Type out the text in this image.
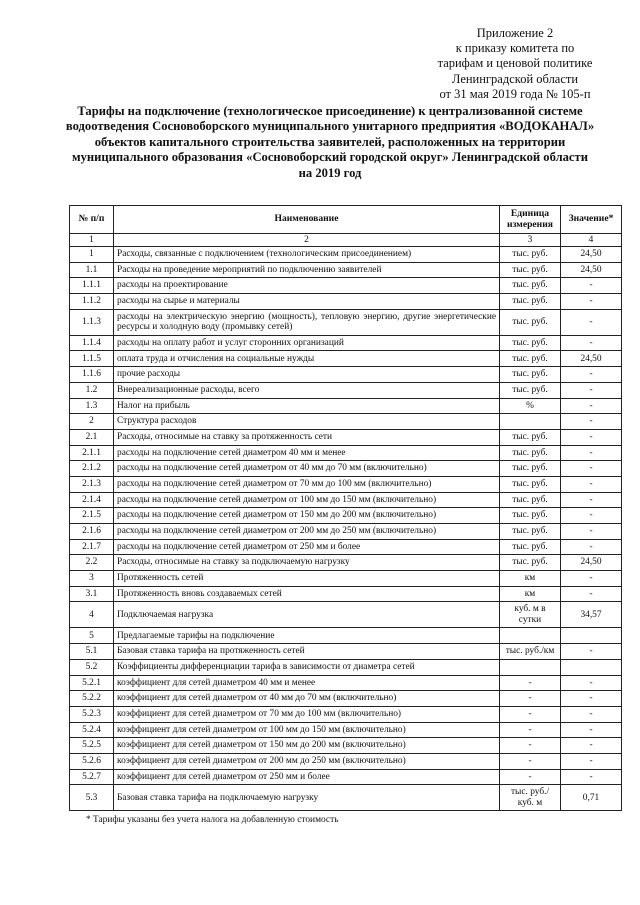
Приложение 2
к приказу комитета по
тарифам и ценовой политике
Ленинградской области
от 31 мая 2019 года № 105-п
Тарифы на подключение (технологическое присоединение) к централизованной системе
водоотведения Сосновоборского муниципального унитарного предприятия «ВОДОКАНАЛ»
объектов капитального строительства заявителей, расположенных на территории
муниципального образования «Сосновоборский городской округ» Ленинградской области
на 2019 год
№ п/п	Наименование	Единица измерения	Значение*
1	2	3	4
1	Расходы, связанные с подключением (технологическим присоединением)	тыс. руб.	24,50
1.1	Расходы на проведение мероприятий по подключению заявителей	тыс. руб.	24,50
1.1.1	расходы на проектирование	тыс. руб.	-
1.1.2	расходы на сырье и материалы	тыс. руб.	-
1.1.3	расходы на электрическую энергию (мощность), тепловую энергию, другие энергетические ресурсы и холодную воду (промывку сетей)	тыс. руб.	-
1.1.4	расходы на оплату работ и услуг сторонних организаций	тыс. руб.	-
1.1.5	оплата труда и отчисления на социальные нужды	тыс. руб.	24,50
1.1.6	прочие расходы	тыс. руб.	-
1.2	Внереализационные расходы, всего	тыс. руб.	-
1.3	Налог на прибыль	%	-
2	Структура расходов		-
2.1	Расходы, относимые на ставку за протяженность сети	тыс. руб.	-
2.1.1	расходы на подключение сетей диаметром 40 мм и менее	тыс. руб.	-
2.1.2	расходы на подключение сетей диаметром от 40 мм до 70 мм (включительно)	тыс. руб.	-
2.1.3	расходы на подключение сетей диаметром от 70 мм до 100 мм (включительно)	тыс. руб.	-
2.1.4	расходы на подключение сетей диаметром от 100 мм до 150 мм (включительно)	тыс. руб.	-
2.1.5	расходы на подключение сетей диаметром от 150 мм до 200 мм (включительно)	тыс. руб.	-
2.1.6	расходы на подключение сетей диаметром от 200 мм до 250 мм (включительно)	тыс. руб.	-
2.1.7	расходы на подключение сетей диаметром от 250 мм и более	тыс. руб.	-
2.2	Расходы, относимые на ставку за подключаемую нагрузку	тыс. руб.	24,50
3	Протяженность сетей	км	-
3.1	Протяженность вновь создаваемых сетей	км	-
4	Подключаемая нагрузка	куб. м в сутки	34,57
5	Предлагаемые тарифы на подключение		
5.1	Базовая ставка тарифа на протяженность сетей	тыс. руб./км	-
5.2	Коэффициенты дифференциации тарифа в зависимости от диаметра сетей		
5.2.1	коэффициент для сетей диаметром 40 мм и менее	-	-
5.2.2	коэффициент для сетей диаметром от 40 мм до 70 мм (включительно)	-	-
5.2.3	коэффициент для сетей диаметром от 70 мм до 100 мм (включительно)	-	-
5.2.4	коэффициент для сетей диаметром от 100 мм до 150 мм (включительно)	-	-
5.2.5	коэффициент для сетей диаметром от 150 мм до 200 мм (включительно)	-	-
5.2.6	коэффициент для сетей диаметром от 200 мм до 250 мм (включительно)	-	-
5.2.7	коэффициент для сетей диаметром от 250 мм и более	-	-
5.3	Базовая ставка тарифа на подключаемую нагрузку	тыс. руб./куб. м	0,71
* Тарифы указаны без учета налога на добавленную стоимость
